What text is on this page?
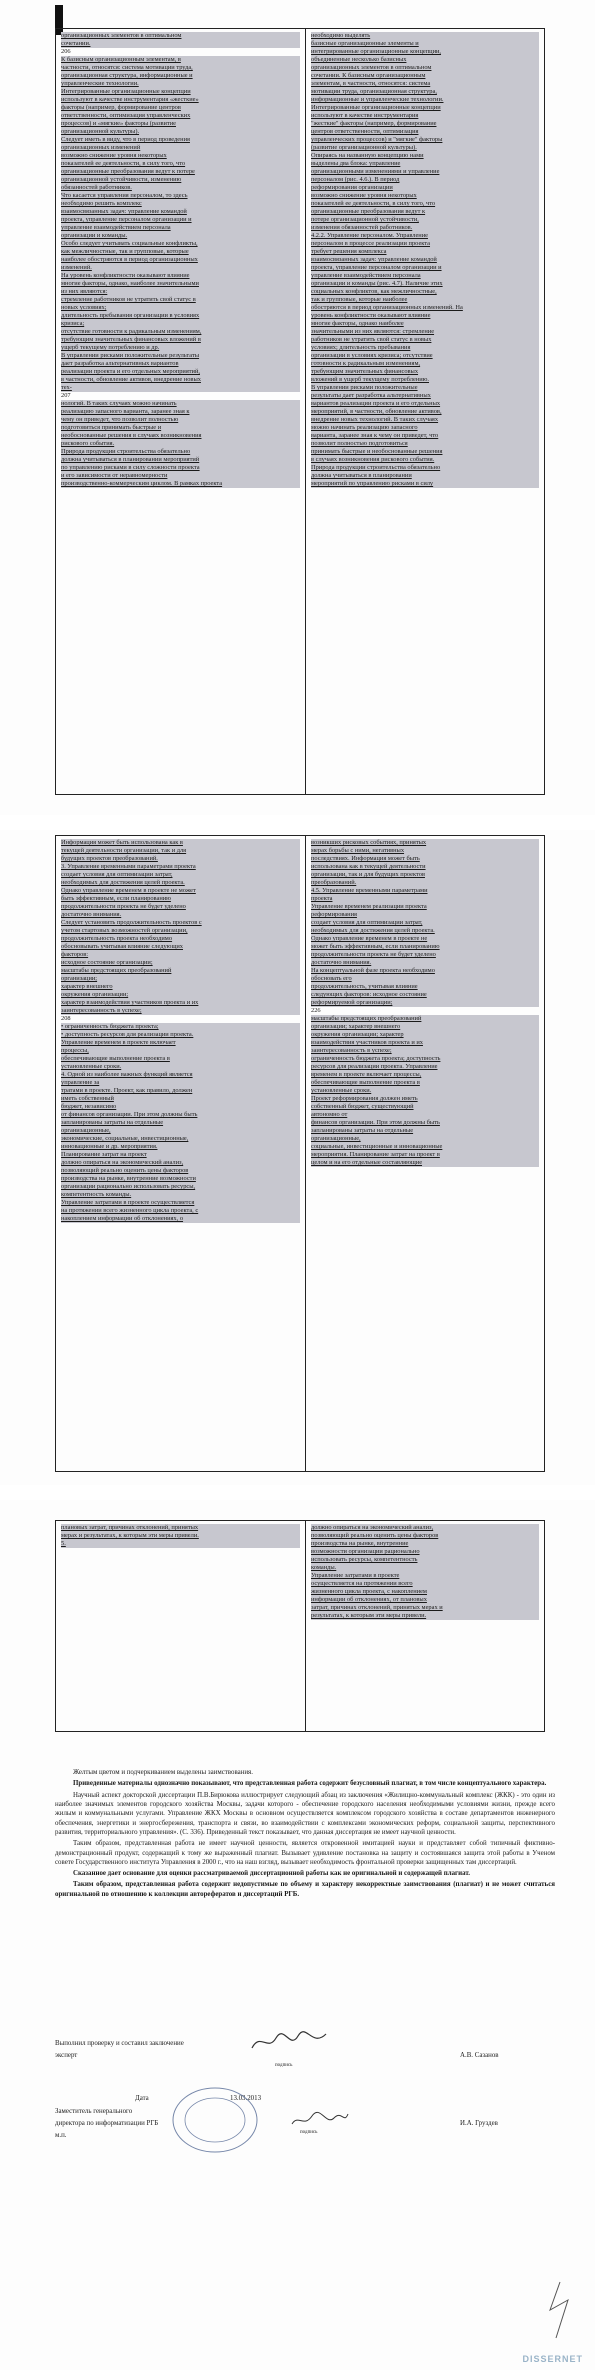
организационных элементов в оптимальном
сочетании.

206

К базисным организационным элементам, в
частности, относятся: система мотивации труда,
организационная структура, информационные и
управленческие технологии.

Интегрированные организационные концепции
используют в качестве инструментария «жесткие»
факторы (например, формирование центров
ответственности, оптимизация управленческих
процессов) и «мягкие» факторы (развитие
организационной культуры).

Следует иметь в виду, что в период проведения
организационных изменений
возможно снижение уровня некоторых
показателей ее деятельности, в силу того, что
организационные преобразования ведут к потере
организационной устойчивости, изменению
обязанностей работников.

Что касается управления персоналом, то здесь
необходимо решить комплекс
взаимосвязанных задач: управление командой
проекта, управление персоналом организации и
управление взаимодействием персонала
организации и команды.

Особо следует учитывать социальные конфликты,
как межличностные, так и групповые, которые
наиболее обостряются в период организационных
изменений.

На уровень конфликтности оказывают влияние
многие факторы, однако, наиболее значительными
из них являются:
стремление работников не утратить свой статус в
новых условиях;
длительность пребывания организации в условиях
кризиса;
отсутствие готовности к радикальным изменениям,
требующим значительных финансовых вложений в
ущерб текущему потреблению и др.

В управлении рисками положительные результаты
дает разработка альтернативных вариантов
реализации проекта и его отдельных мероприятий,
в частности, обновление активов, внедрение новых
тех-

207

нологий. В таких случаях можно начинать
реализацию запасного варианта, заранее зная к
чему он приведет, что позволит полностью
подготовиться принимать быстрые и
необоснованные решения в случаях возникновения
рискового события.

Природа продукции строительства обязательно
должна учитываться в планировании мероприятий
по управлению рисками в силу сложности проекта
и его зависимости от неравномерности
производственно-коммерческим циклом. В рамках проекта

необходимо выделять
базисные организационные элементы и
интегрированные организационные концепции,
объединенные несколько базисных
организационных элементов в оптимальном
сочетании. К базисным организационным
элементам, в частности, относятся: система
мотивации труда, организационная структура,
информационные и управленческие технологии.
Интегрированные организационные концепции
используют в качестве инструментария
"жесткие" факторы (например, формирование
центров ответственности, оптимизация
управленческих процессов) и "мягкие" факторы
(развитие организационной культуры).

Опираясь на названную концепцию нами
выделены два блока: управление
организационными изменениями и управление
персоналом (рис. 4.6.). В период
реформирования организации
возможно снижение уровня некоторых
показателей ее деятельности, в силу того, что
организационные преобразования ведут к
потере организационной устойчивости,
изменения обязанностей работников.

4.2.2. Управление персоналом. Управление
персоналом в процессе реализации проекта
требует решения комплекса
взаимосвязанных задач: управление командой
проекта, управление персоналом организации и
управление взаимодействием персонала
организации и команды (рис. 4.7). Наличие этих
социальных конфликтов, как межличностные,
так и групповые, которые наиболее
обостряются в период организационных изменений. На
уровень конфликтности оказывают влияние
многие факторы, однако наиболее
значительными из них являются: стремление
работников не утратить свой статус в новых
условиях; длительность пребывания
организации в условиях кризиса; отсутствие
готовности к радикальным изменениям,
требующим значительных финансовых
вложений в ущерб текущему потреблению.

В управлении рисками положительные
результаты дает разработка альтернативных
вариантов реализации проекта и его отдельных
мероприятий, в частности, обновление активов,
внедрение новых технологий. В таких случаях
можно начинать реализацию запасного
варианта, заранее зная к чему он приведет, что
позволит полностью подготовиться
принимать быстрые и необоснованные решения
в случаях возникновения рискового события.
Природа продукции строительства обязательно
должна учитываться в планировании
мероприятий по управлению рисками в силу

Информация может быть использована как в
текущей деятельности организации, так и для
будущих проектов преобразований.

3. Управление временными параметрами проекта
создает условия для оптимизации затрат,
необходимых для достижения целей проекта.
Однако управление временем в проекте не может
быть эффективным, если планированию
продолжительности проекта не будет уделено
достаточно внимания.

Следует установить продолжительность проектов с
учетом стартовых возможностей организации,
продолжительность проекта необходимо
обосновывать учитывая влияние следующих
факторов:
исходное состояние организации;
масштабы предстоящих преобразований
организации;
характер внешнего
окружения организации;
характер взаимодействия участников проекта и их
заинтересованность в успехе;

208

• ограниченность бюджета проекта;
• доступность ресурсов для реализации проекта.
Управление временем в проекте включает
процессы,
обеспечивающие выполнение проекта в
установленные сроки.

4. Одной из наиболее важных функций является
управление за
тратами в проекте. Проект, как правило, должен
иметь собственный
бюджет, независимо
от финансов организации. При этом должны быть
запланированы затраты на отдельные
организационные,
экономические, социальные, инвестиционные,
инновационные и др. мероприятия.
Планирование затрат на проект
должно опираться на экономический анализ,
позволяющий реально оценить цены факторов
производства на рынке, внутренние возможности
организации рационально использовать ресурсы,
компетентность команды.
Управление затратами в проекте осуществляется
на протяжении всего жизненного цикла проекта, с
накоплением информации об отклонениях, о

возникших рисковых событиях, принятых
мерах борьбы с ними, негативных
последствиях. Информация может быть
использована как в текущей деятельности
организации, так и для будущих проектов
преобразований.

4.5. Управление временными параметрами
проекта
Управление временем реализации проекта
реформирования
создает условия для оптимизации затрат,
необходимых для достижения целей проекта.
Однако управление временем в проекте не
может быть эффективным, если планированию
продолжительности проекта не будет уделено
достаточно внимания.

На концептуальной фазе проекта необходимо
обосновать его
продолжительность, учитывая влияние
следующих факторов: исходное состояние
реформируемой организации;

226

масштабы предстоящих преобразований
организации; характер внешнего
окружения организации; характер
взаимодействия участников проекта и их
заинтересованность в успехе;
ограниченность бюджета проекта; доступность
ресурсов для реализации проекта. Управление
временем в проекте включает процессы,
обеспечивающие выполнение проекта в
установленные сроки.

Проект реформирования должен иметь
собственный бюджет, существующий
автономно от
финансов организации. При этом должны быть
запланированы затраты на отдельные
организационные,
социальные, инвестиционные и инновационные
мероприятия. Планирование затрат на проект в
целом и на его отдельные составляющие

плановых затрат, причинах отклонений, принятых
мерах и результатах, к которым эти меры привели.
5.

должно опираться на экономический анализ,
позволяющий реально оценить цены факторов
производства на рынке, внутренние
возможности организации рационально
использовать ресурсы, компетентность
команды.
Управление затратами в проекте
осуществляется на протяжении всего
жизненного цикла проекта, с накоплением
информации об отклонениях, от плановых
затрат, причинах отклонений, принятых мерах и
результатах, к которым эти меры привели.

Желтым цветом и подчеркиванием выделены заимствования.

Приведенные материалы однозначно показывают, что представленная работа содержит безусловный плагиат, в том числе концептуального характера.

Научный аспект докторской диссертации П.В.Бирюкова иллюстрирует следующий абзац из заключения «Жилищно-коммунальный комплекс (ЖКК) - это один из наиболее значимых элементов городского хозяйства Москвы, задачи которого - обеспечение городского населения необходимыми условиями жизни, прежде всего жилым и коммунальными услугами. Управление ЖКХ Москвы в основном осуществляется комплексом городского хозяйства в составе департаментов инженерного обеспечения, энергетики и энергосбережения, транспорта и связи, во взаимодействии с комплексами экономических реформ, социальной защиты, перспективного развития, территориального управления». (С. 336). Приведенный текст показывает, что данная диссертация не имеет научной ценности.

Таким образом, представленная работа не имеет научной ценности, является откровенной имитацией науки и представляет собой типичный фиктивно-демонстрационный продукт, содержащий к тому же выраженный плагиат. Вызывает удивление постановка на защиту и состоявшаяся защита этой работы в Ученом совете Государственного института Управления в 2000 г., что на наш взгляд, вызывает необходимость фронтальной проверки защищенных там диссертаций.

Сказанное дает основание для оценки рассматриваемой диссертационной работы как не оригинальной и содержащей плагиат.

Таким образом, представленная работа содержит недопустимые по объему и характеру некорректные заимствования (плагиат) и не может считаться оригинальной по отношению к коллекции авторефератов и диссертаций РГБ.

Выполнил проверку и составил заключение
эксперт	А.В. Сазанов
подпись
Дата	13.03.2013
Заместитель генерального
директора по информатизации РГБ
м.п.	подпись
И.А. Груздев
DISSERNET
